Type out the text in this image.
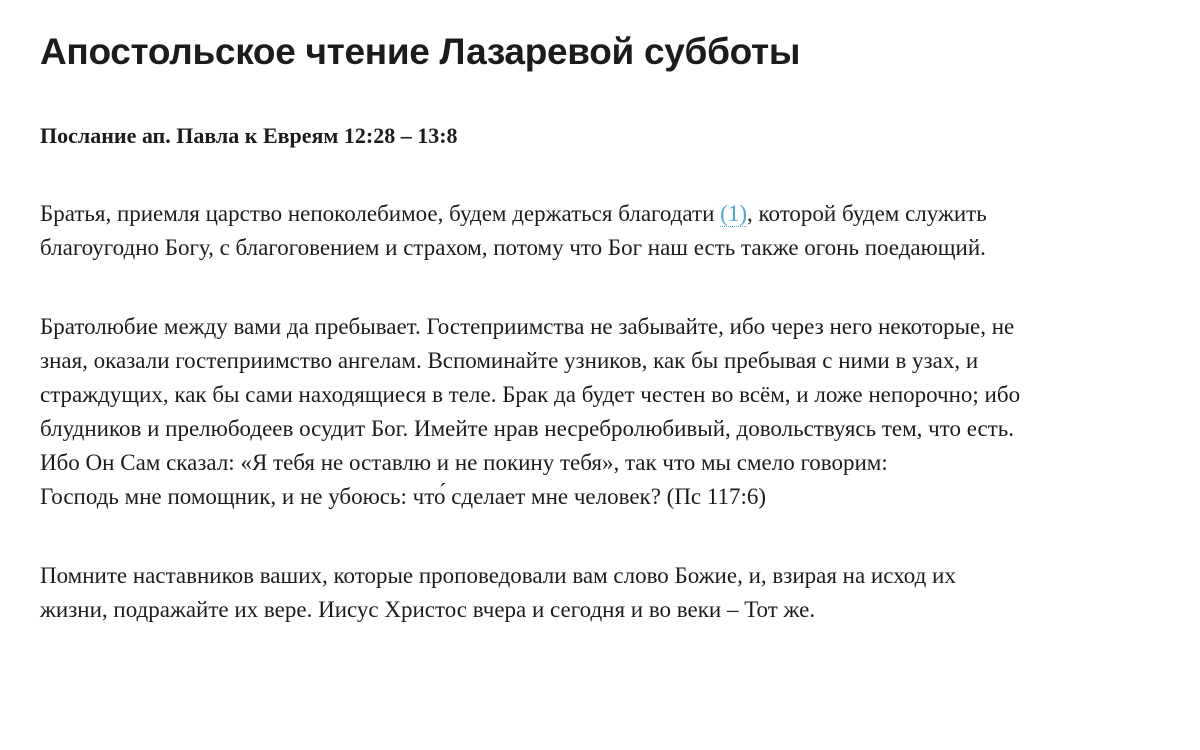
Апостольское чтение Лазаревой субботы
Послание ап. Павла к Евреям 12:28 – 13:8

Братья, приемля царство непоколебимое, будем держаться благодати (1), которой будем служить благоугодно Богу, с благоговением и страхом, потому что Бог наш есть также огонь поедающий.

Братолюбие между вами да пребывает. Гостеприимства не забывайте, ибо через него некоторые, не зная, оказали гостеприимство ангелам. Вспоминайте узников, как бы пребывая с ними в узах, и страждущих, как бы сами находящиеся в теле. Брак да будет честен во всём, и ложе непорочно; ибо блудников и прелюбодеев осудит Бог. Имейте нрав несребролюбивый, довольствуясь тем, что есть. Ибо Он Сам сказал: «Я тебя не оставлю и не покину тебя», так что мы смело говорим:
Господь мне помощник, и не убоюсь: что́ сделает мне человек? (Пс 117:6)

Помните наставников ваших, которые проповедовали вам слово Божие, и, взирая на исход их жизни, подражайте их вере. Иисус Христос вчера и сегодня и во веки – Тот же.
